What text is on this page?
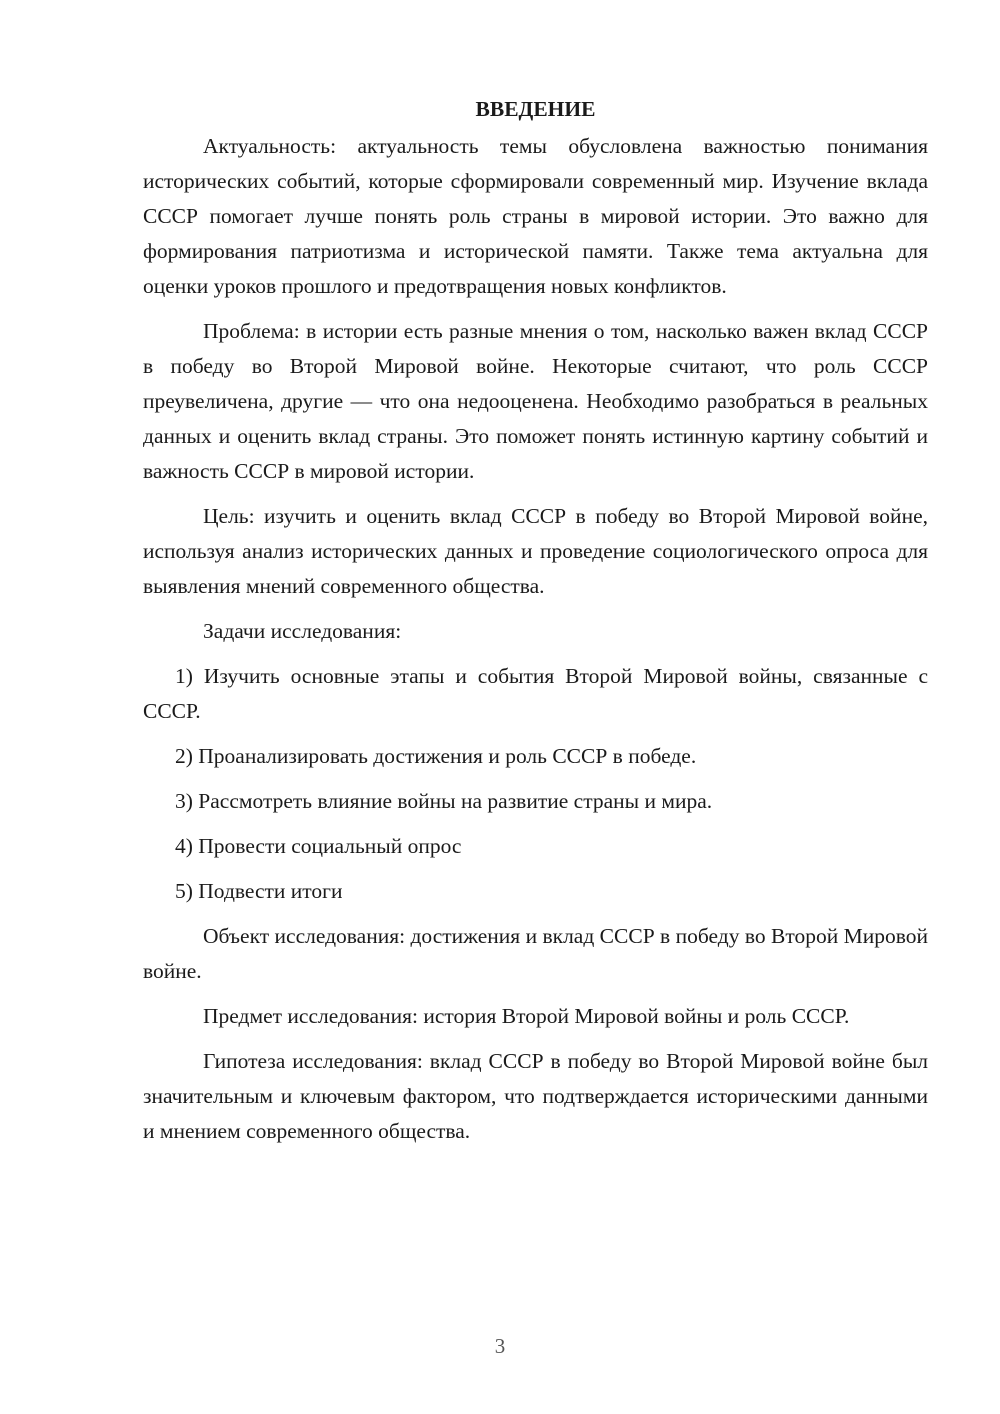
ВВЕДЕНИЕ

Актуальность: актуальность темы обусловлена важностью понимания исторических событий, которые сформировали современный мир. Изучение вклада СССР помогает лучше понять роль страны в мировой истории. Это важно для формирования патриотизма и исторической памяти. Также тема актуальна для оценки уроков прошлого и предотвращения новых конфликтов.

Проблема: в истории есть разные мнения о том, насколько важен вклад СССР в победу во Второй Мировой войне. Некоторые считают, что роль СССР преувеличена, другие — что она недооценена. Необходимо разобраться в реальных данных и оценить вклад страны. Это поможет понять истинную картину событий и важность СССР в мировой истории.

Цель: изучить и оценить вклад СССР в победу во Второй Мировой войне, используя анализ исторических данных и проведение социологического опроса для выявления мнений современного общества.

Задачи исследования:

1) Изучить основные этапы и события Второй Мировой войны, связанные с СССР.

2) Проанализировать достижения и роль СССР в победе.

3) Рассмотреть влияние войны на развитие страны и мира.

4) Провести социальный опрос

5) Подвести итоги

Объект исследования: достижения и вклад СССР в победу во Второй Мировой войне.

Предмет исследования: история Второй Мировой войны и роль СССР.

Гипотеза исследования: вклад СССР в победу во Второй Мировой войне был значительным и ключевым фактором, что подтверждается историческими данными и мнением современного общества.

3
